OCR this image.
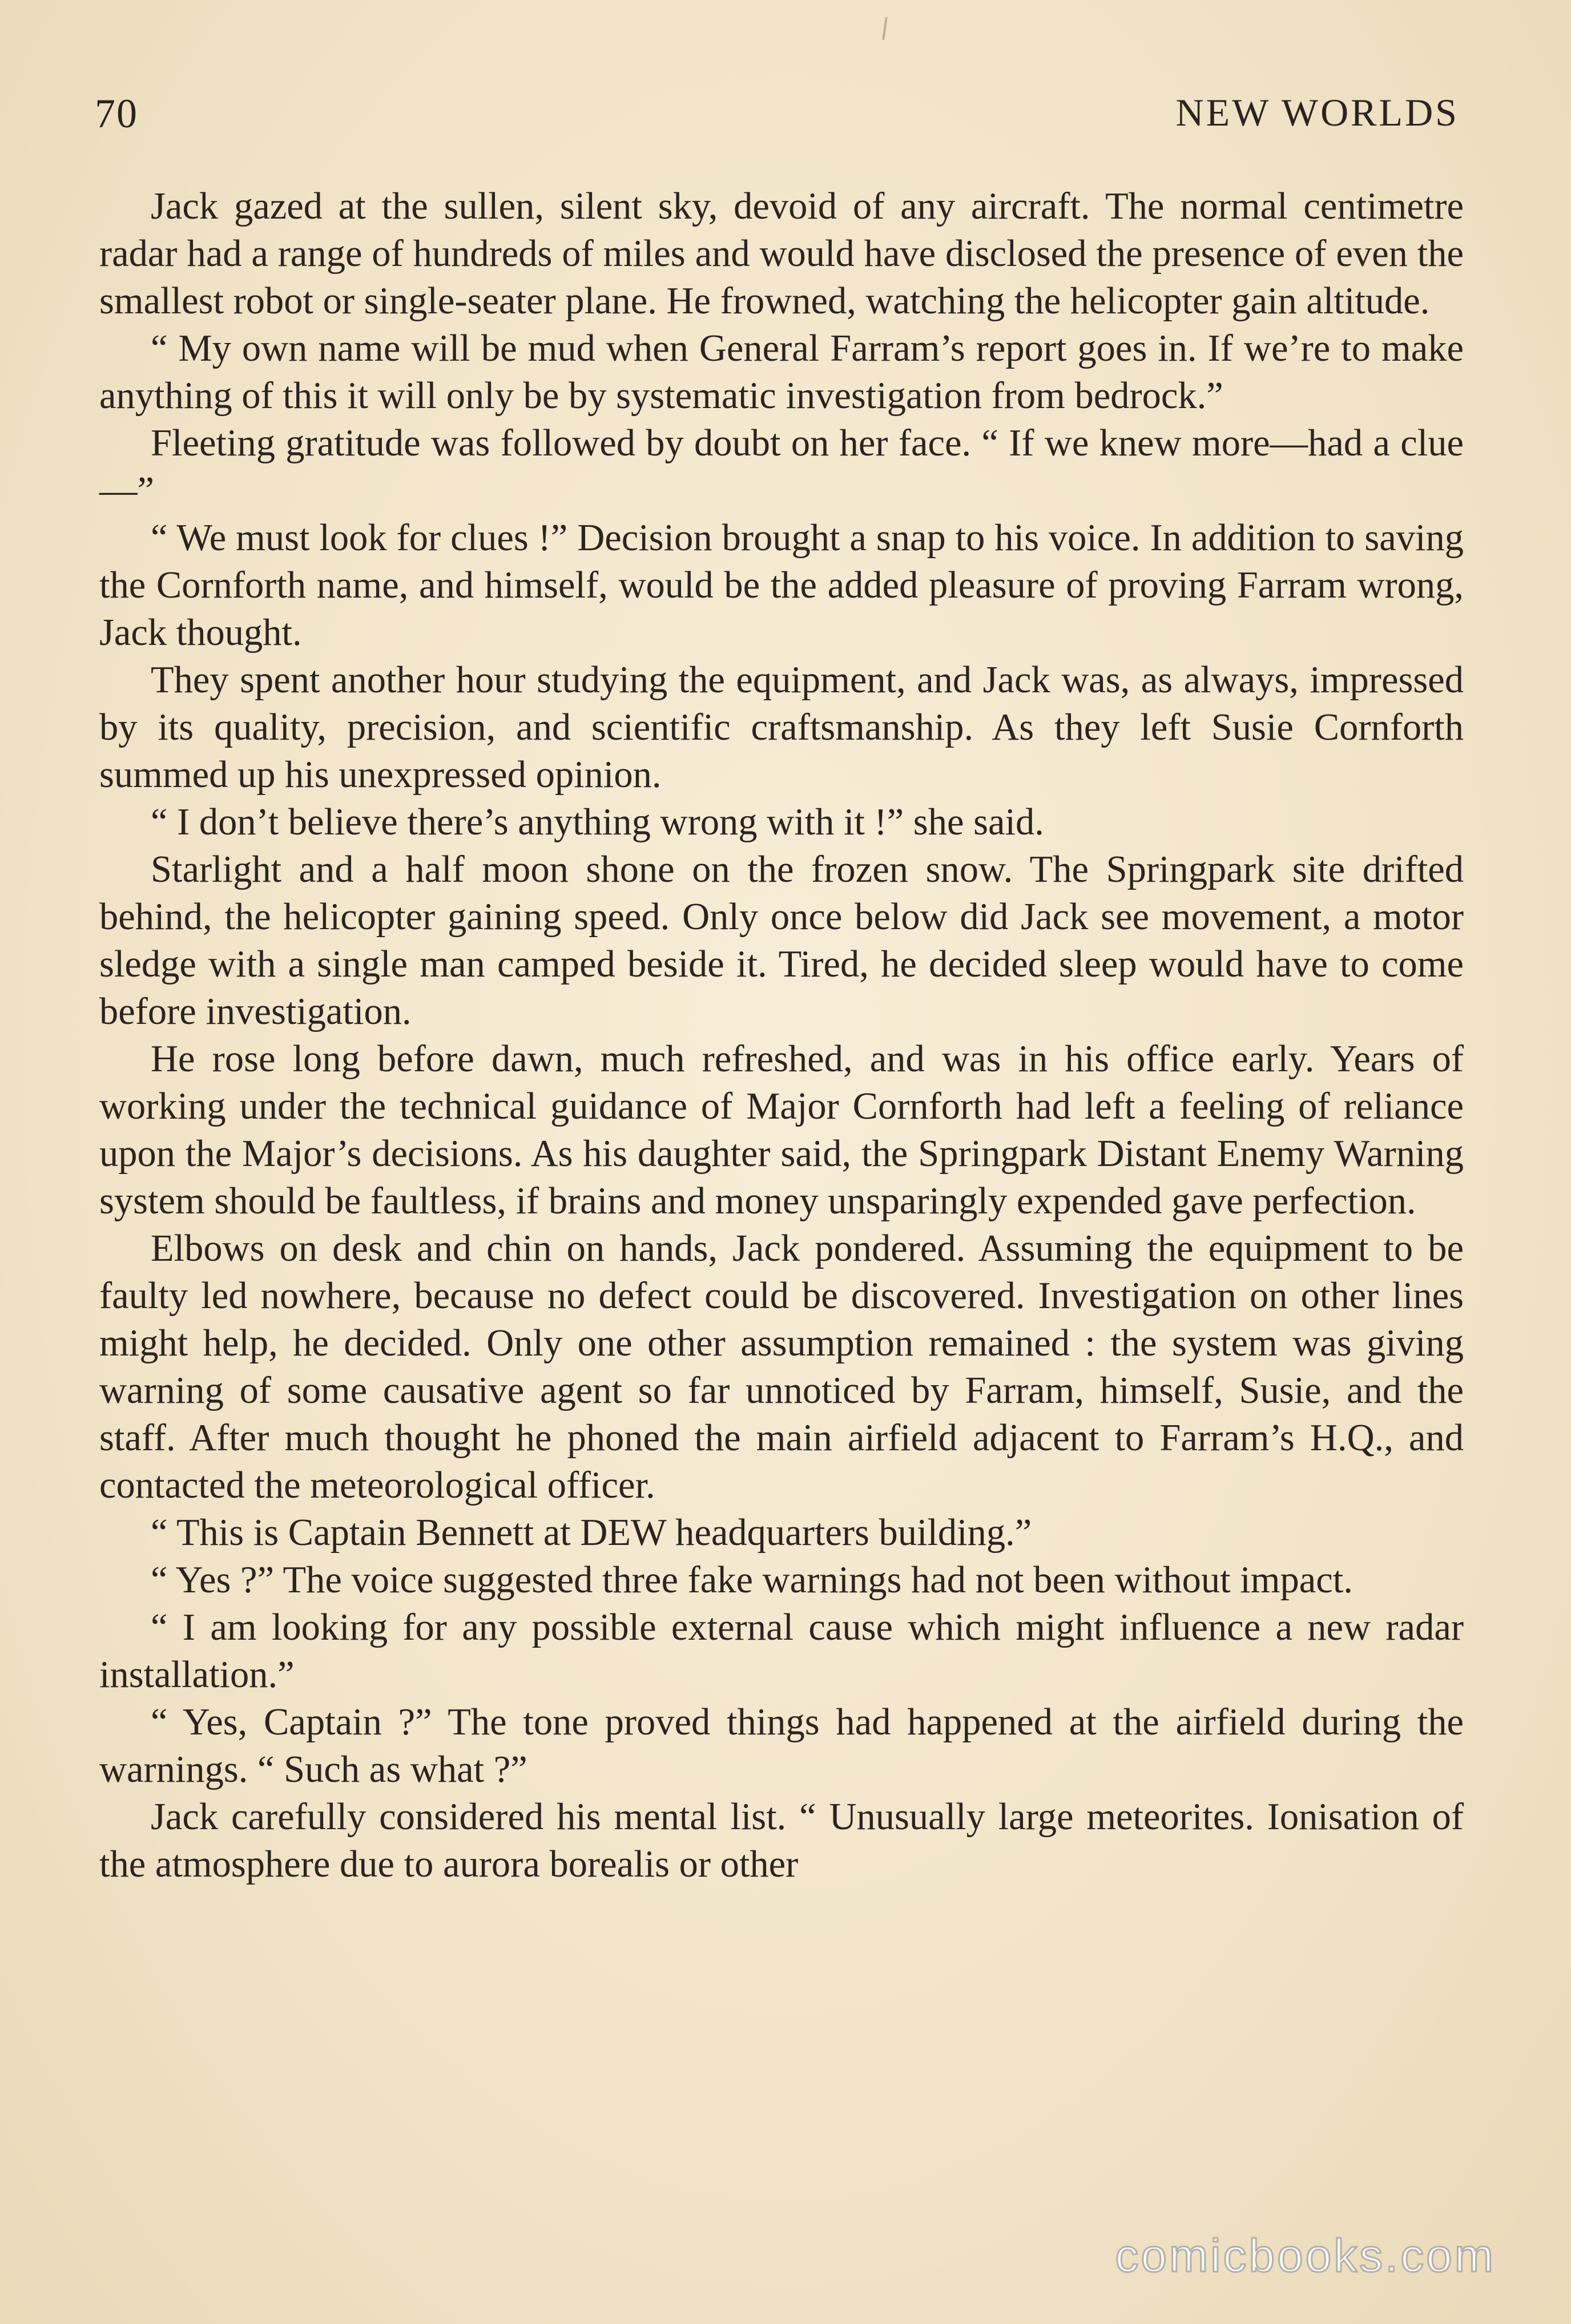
70	NEW WORLDS

Jack gazed at the sullen, silent sky, devoid of any aircraft. The normal centimetre radar had a range of hundreds of miles and would have disclosed the presence of even the smallest robot or single-seater plane. He frowned, watching the helicopter gain altitude.

“ My own name will be mud when General Farram’s report goes in. If we’re to make anything of this it will only be by systematic investigation from bedrock.”

Fleeting gratitude was followed by doubt on her face. “ If we knew more—had a clue—”

“ We must look for clues !” Decision brought a snap to his voice. In addition to saving the Cornforth name, and himself, would be the added pleasure of proving Farram wrong, Jack thought.

They spent another hour studying the equipment, and Jack was, as always, impressed by its quality, precision, and scientific craftsmanship. As they left Susie Cornforth summed up his unexpressed opinion.

“ I don’t believe there’s anything wrong with it !” she said.

Starlight and a half moon shone on the frozen snow. The Springpark site drifted behind, the helicopter gaining speed. Only once below did Jack see movement, a motor sledge with a single man camped beside it. Tired, he decided sleep would have to come before investigation.

He rose long before dawn, much refreshed, and was in his office early. Years of working under the technical guidance of Major Cornforth had left a feeling of reliance upon the Major’s decisions. As his daughter said, the Springpark Distant Enemy Warning system should be faultless, if brains and money unsparingly expended gave perfection.

Elbows on desk and chin on hands, Jack pondered. Assuming the equipment to be faulty led nowhere, because no defect could be discovered. Investigation on other lines might help, he decided. Only one other assumption remained : the system was giving warning of some causative agent so far unnoticed by Farram, himself, Susie, and the staff. After much thought he phoned the main airfield adjacent to Farram’s H.Q., and contacted the meteorological officer.

“ This is Captain Bennett at DEW headquarters building.”

“ Yes ?” The voice suggested three fake warnings had not been without impact.

“ I am looking for any possible external cause which might influence a new radar installation.”

“ Yes, Captain ?” The tone proved things had happened at the airfield during the warnings. “ Such as what ?”

Jack carefully considered his mental list. “ Unusually large meteorites. Ionisation of the atmosphere due to aurora borealis or other

comicbooks.com
